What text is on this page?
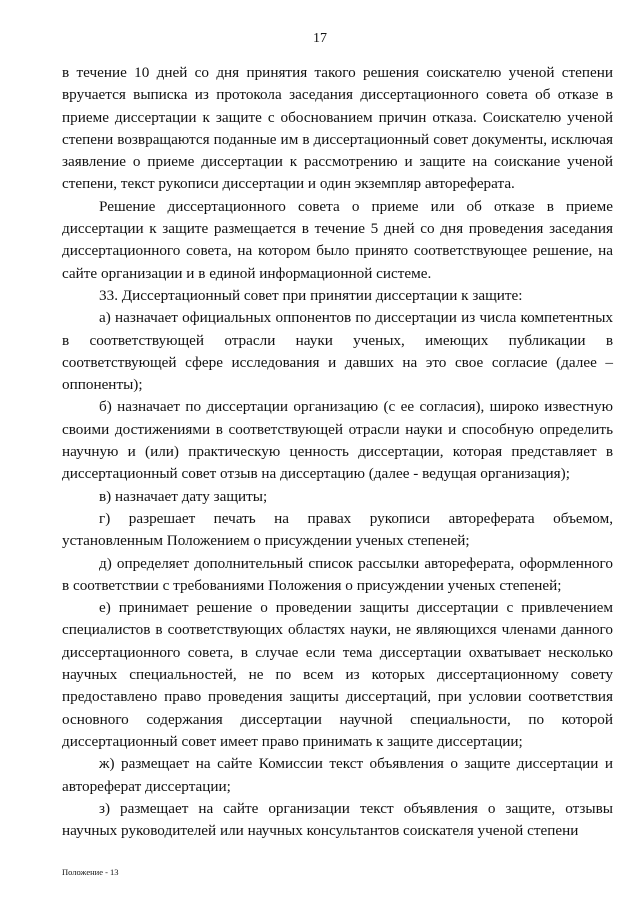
17

в течение 10 дней со дня принятия такого решения соискателю ученой степени вручается выписка из протокола заседания диссертационного совета об отказе в приеме диссертации к защите с обоснованием причин отказа. Соискателю ученой степени возвращаются поданные им в диссертационный совет документы, исключая заявление о приеме диссертации к рассмотрению и защите на соискание ученой степени, текст рукописи диссертации и один экземпляр автореферата.

Решение диссертационного совета о приеме или об отказе в приеме диссертации к защите размещается в течение 5 дней со дня проведения заседания диссертационного совета, на котором было принято соответствующее решение, на сайте организации и в единой информационной системе.

33. Диссертационный совет при принятии диссертации к защите:

а) назначает официальных оппонентов по диссертации из числа компетентных в соответствующей отрасли науки ученых, имеющих публикации в соответствующей сфере исследования и давших на это свое согласие (далее – оппоненты);

б) назначает по диссертации организацию (с ее согласия), широко известную своими достижениями в соответствующей отрасли науки и способную определить научную и (или) практическую ценность диссертации, которая представляет в диссертационный совет отзыв на диссертацию (далее - ведущая организация);

в) назначает дату защиты;

г) разрешает печать на правах рукописи автореферата объемом, установленным Положением о присуждении ученых степеней;

д) определяет дополнительный список рассылки автореферата, оформленного в соответствии с требованиями Положения о присуждении ученых степеней;

е) принимает решение о проведении защиты диссертации с привлечением специалистов в соответствующих областях науки, не являющихся членами данного диссертационного совета, в случае если тема диссертации охватывает несколько научных специальностей, не по всем из которых диссертационному совету предоставлено право проведения защиты диссертаций, при условии соответствия основного содержания диссертации научной специальности, по которой диссертационный совет имеет право принимать к защите диссертации;

ж) размещает на сайте Комиссии текст объявления о защите диссертации и автореферат диссертации;

з) размещает на сайте организации текст объявления о защите, отзывы научных руководителей или научных консультантов соискателя ученой степени

Положение - 13
